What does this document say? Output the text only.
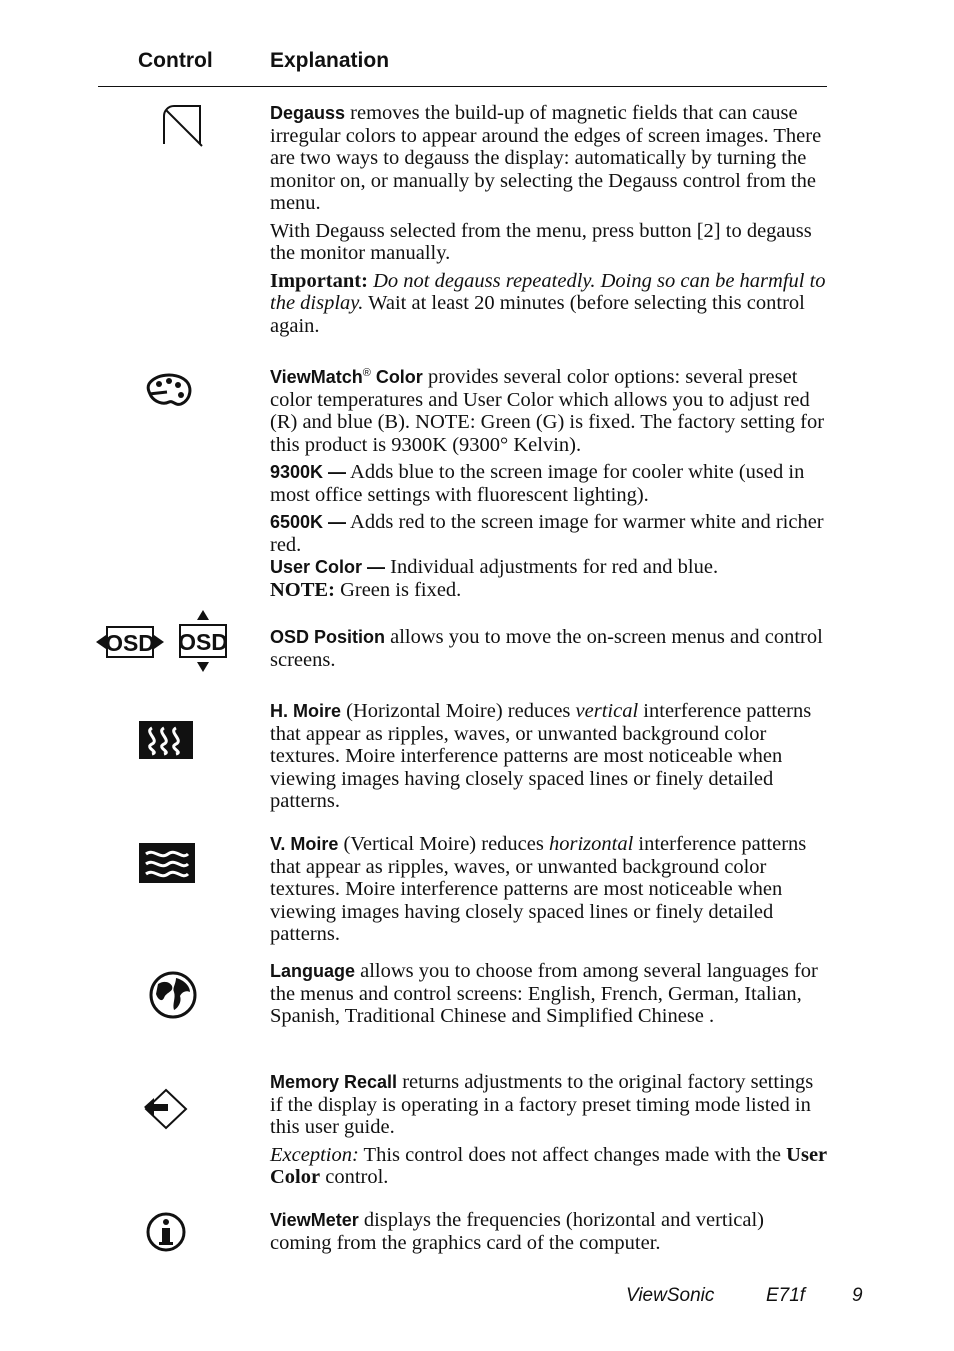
Control	Explanation

Degauss removes the build-up of magnetic fields that can cause irregular colors to appear around the edges of screen images. There are two ways to degauss the display: automatically by turning the monitor on, or manually by selecting the Degauss control from the menu.

With Degauss selected from the menu, press button [2] to degauss the monitor manually.

Important: Do not degauss repeatedly. Doing so can be harmful to the display. Wait at least 20 minutes (before selecting this control again.

ViewMatch® Color provides several color options: several preset color temperatures and User Color which allows you to adjust red (R) and blue (B). NOTE: Green (G) is fixed. The factory setting for this product is 9300K (9300° Kelvin).

9300K — Adds blue to the screen image for cooler white (used in most office settings with fluorescent lighting).

6500K — Adds red to the screen image for warmer white and richer red.

User Color — Individual adjustments for red and blue.

NOTE: Green is fixed.

OSD OSD OSD Position allows you to move the on-screen menus and control screens.

H. Moire (Horizontal Moire) reduces vertical interference patterns that appear as ripples, waves, or unwanted background color textures. Moire interference patterns are most noticeable when viewing images having closely spaced lines or finely detailed patterns.

V. Moire (Vertical Moire) reduces horizontal interference patterns that appear as ripples, waves, or unwanted background color textures. Moire interference patterns are most noticeable when viewing images having closely spaced lines or finely detailed patterns.

Language allows you to choose from among several languages for the menus and control screens: English, French, German, Italian, Spanish, Traditional Chinese and Simplified Chinese .

Memory Recall returns adjustments to the original factory settings if the display is operating in a factory preset timing mode listed in this user guide.

Exception: This control does not affect changes made with the User Color control.

ViewMeter displays the frequencies (horizontal and vertical) coming from the graphics card of the computer.

ViewSonic	E71f 9
